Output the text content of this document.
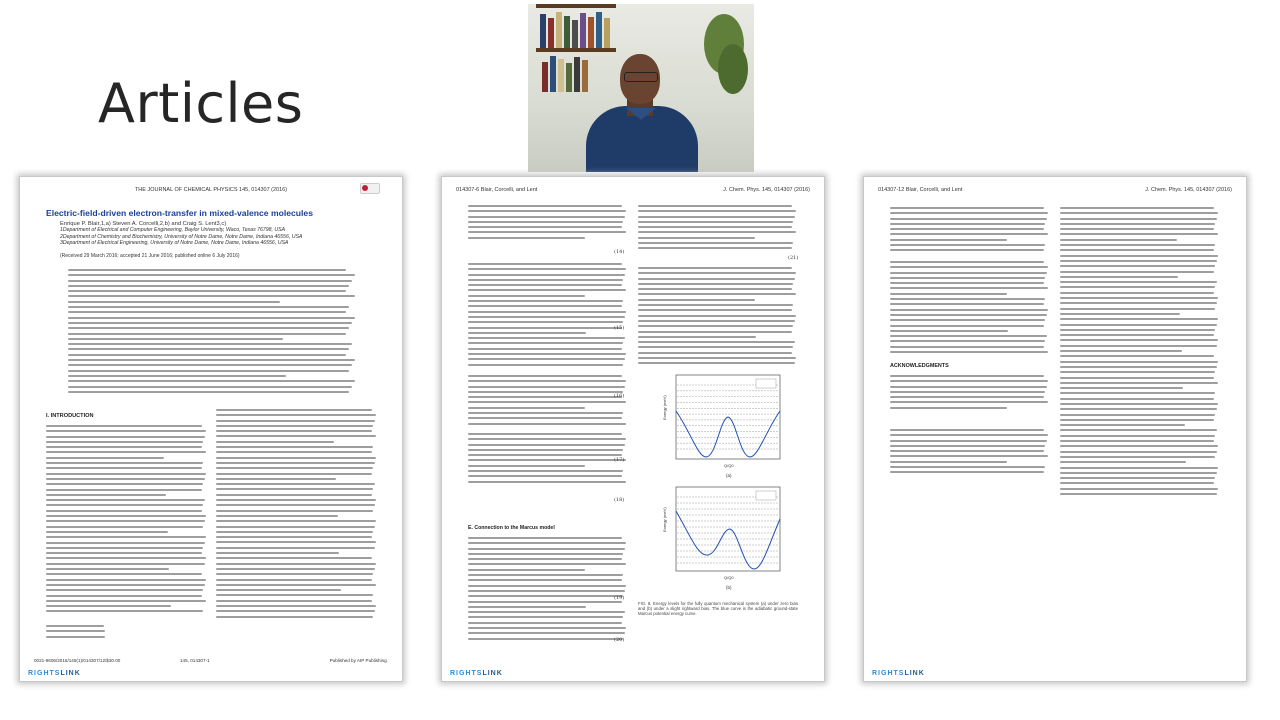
Articles
THE JOURNAL OF CHEMICAL PHYSICS 145, 014307 (2016)
Electric-field-driven electron-transfer in mixed-valence molecules
Enrique P. Blair,1,a) Steven A. Corcelli,2,b) and Craig S. Lent3,c)
1Department of Electrical and Computer Engineering, Baylor University, Waco, Texas 76798, USA
2Department of Chemistry and Biochemistry, University of Notre Dame, Notre Dame, Indiana 46556, USA
3Department of Electrical Engineering, University of Notre Dame, Notre Dame, Indiana 46556, USA
(Received 29 March 2016; accepted 21 June 2016; published online 6 July 2016)
I. INTRODUCTION
0021-9606/2016/145(1)/014307/12/$30.00	145, 014307-1	Published by AIP Publishing.
RIGHTSLINK
014307-6 Blair, Corcelli, and Lent	J. Chem. Phys. 145, 014307 (2016)
(14)
(15)
(16)
(17)
(18)
E. Connection to the Marcus model
(19)
(20)
(21)
Energy (meV)
Q/Q0
(a)
Energy (meV)
Q/Q0
(b)
FIG. 8. Energy levels for the fully quantum mechanical system (a) under zero bias and (b) under a slight rightward bias. The blue curve is the adiabatic ground-state Marcus potential energy curve.
RIGHTSLINK
014307-12 Blair, Corcelli, and Lent	J. Chem. Phys. 145, 014307 (2016)
ACKNOWLEDGMENTS
RIGHTSLINK
